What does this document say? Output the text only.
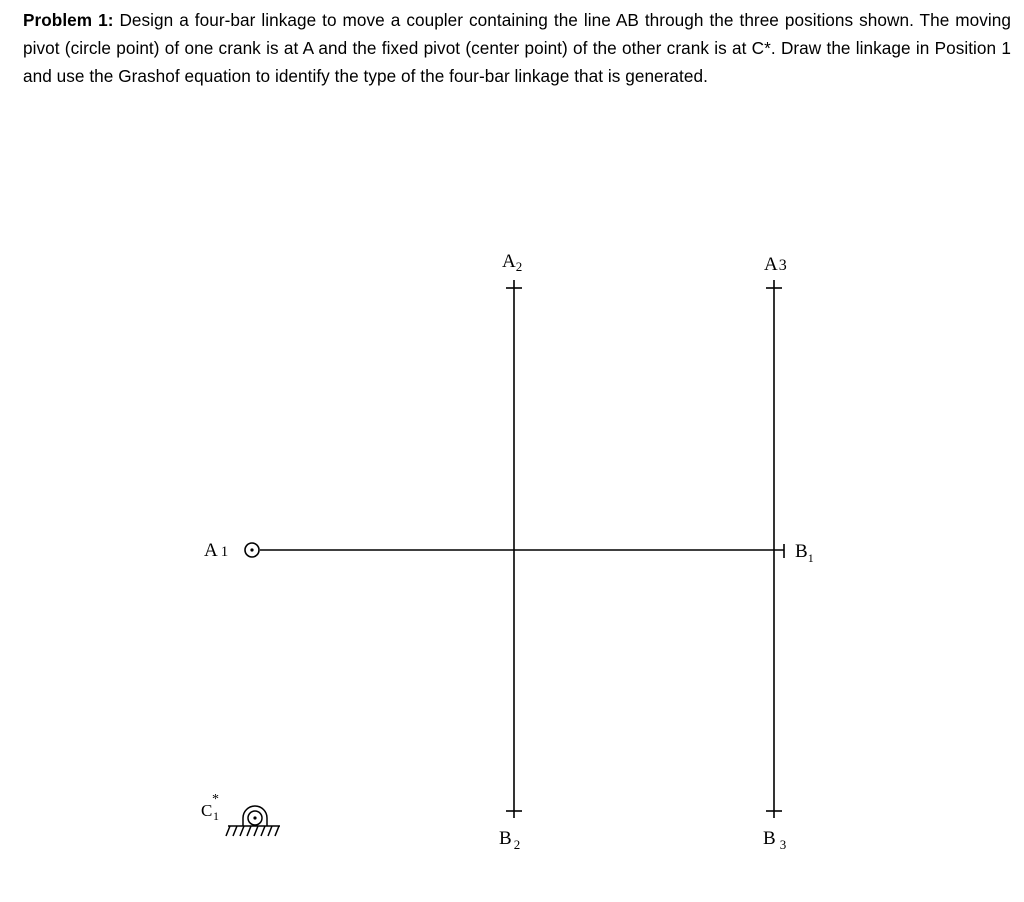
Problem 1: Design a four-bar linkage to move a coupler containing the line AB through the three positions shown. The moving pivot (circle point) of one crank is at A and the fixed pivot (center point) of the other crank is at C*. Draw the linkage in Position 1 and use the Grashof equation to identify the type of the four-bar linkage that is generated.
A 1	$B_1$
$A_2$	A3
B $_2$	B $_3$
C 1
*
